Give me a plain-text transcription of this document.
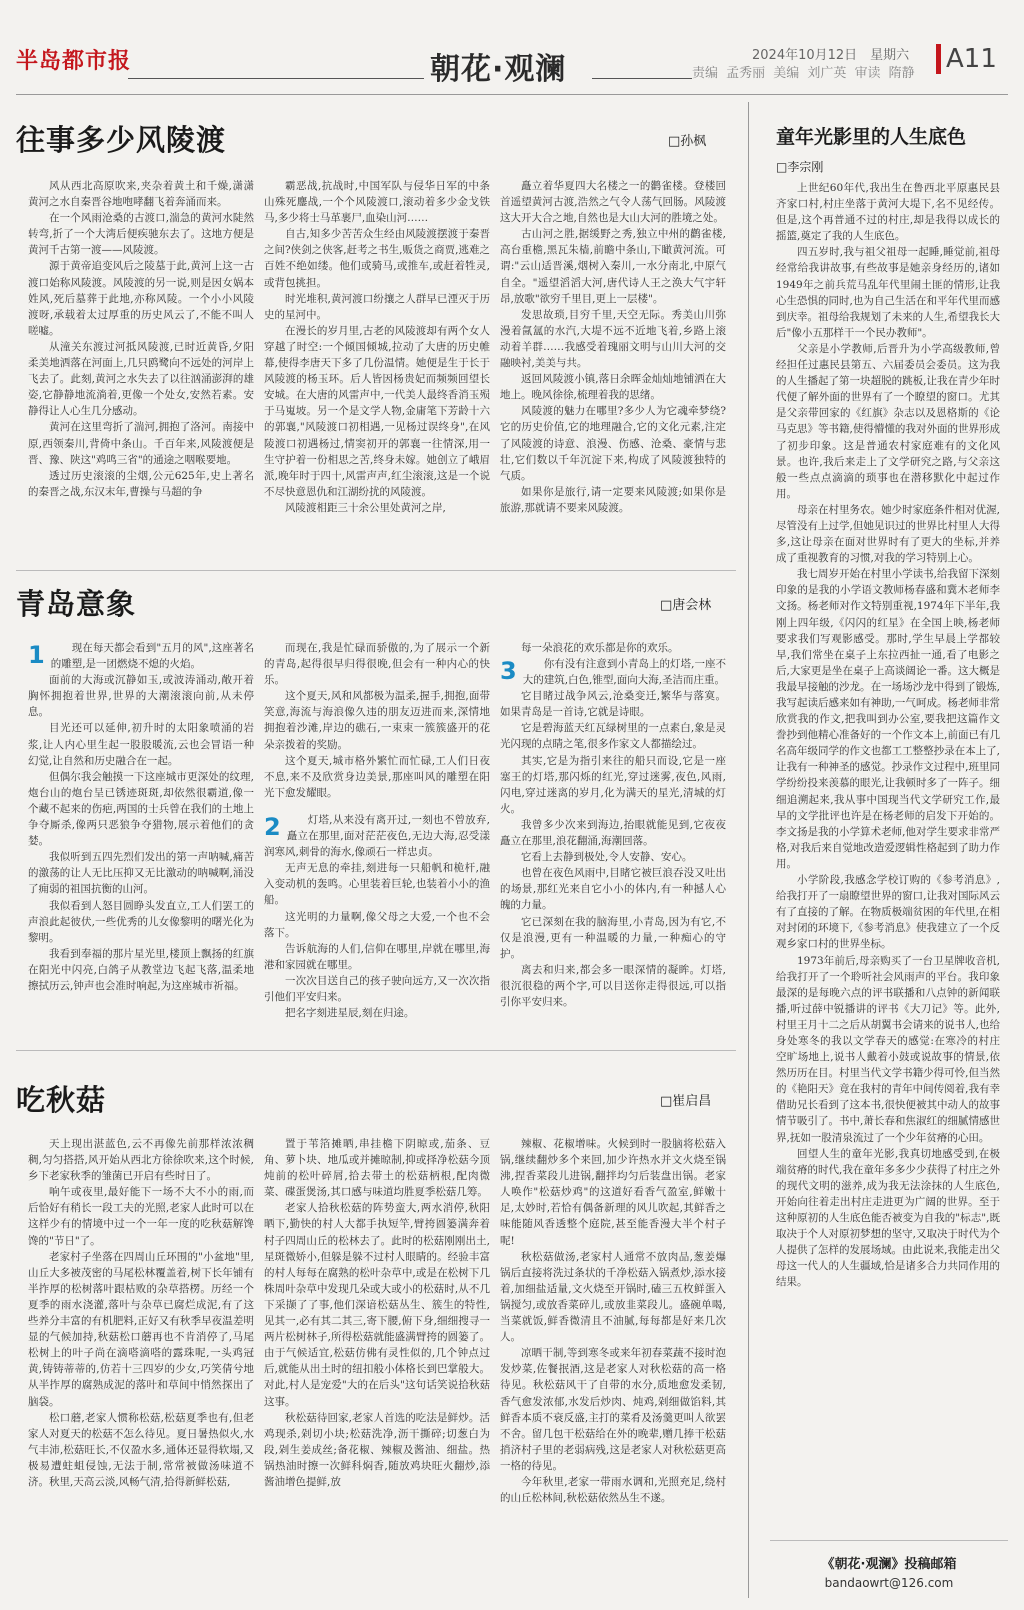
半岛都市报	朝花·观澜	2024年10月12日　星期六
责编 孟秀丽 美编 刘广英 审读 隋静 A11
往事多少风陵渡	□孙枫

风从西北高原吹来,夹杂着黄土和千燥,潇潇黄河之水自秦晋谷地咆哮翻飞着奔涌而来。

在一个风雨沧桑的古渡口,湍急的黄河水陡然转弯,折了一个大湾后便疾驰东去了。这地方便是黄河千古第一渡——风陵渡。

源于黄帝追变风后之陵墓于此,黄河上这一古渡口始称风陵渡。风陵渡的另一说,则是因女娲本姓风,死后墓葬于此地,亦称风陵。一个小小风陵渡呀,承载着太过厚重的历史风云了,不能不叫人嗟嘘。

从潼关东渡过河抵风陵渡,已时近黄昏,夕阳柔美地洒落在河面上,几只鸥鹭向不远处的河岸上飞去了。此刻,黄河之水失去了以往汹涌澎湃的雄姿,它静静地流淌着,更像一个处女,安然若素。安静得让人心生几分感动。

黄河在这里弯折了湍河,拥抱了洛河。南接中原,西领秦川,背倚中条山。千百年来,风陵渡便是晋、豫、陕这"鸡鸣三省"的通途之咽喉要地。

透过历史滚滚的尘烟,公元625年,史上著名的秦晋之战,东汉末年,曹操与马超的争

霸恶战,抗战时,中国军队与侵华日军的中条山殊死鏖战,一个个风陵渡口,滚动着多少金戈铁马,多少将士马革裹尸,血染山河……

自古,知多少苦苦众生经由风陵渡摆渡于秦晋之间?侠剑之侠客,赶考之书生,贩货之商贾,逃难之百姓不绝如缕。他们或骑马,或推车,或赶着牲灵,或背包挑担。

时光堆积,黄河渡口纷攘之人群早已湮灭于历史的星河中。

在漫长的岁月里,古老的风陵渡却有两个女人穿越了时空:一个倾国倾城,拉动了大唐的历史帷幕,使得李唐天下多了几份温情。她便是生于长于风陵渡的杨玉环。后人皆因杨贵妃而频频回望长安城。在大唐的风雷声中,一代美人最终香消玉殒于马嵬坡。另一个是文学人物,金庸笔下芳龄十六的郭襄,"风陵渡口初相遇,一见杨过误终身",在风陵渡口初遇杨过,情窦初开的郭襄一往情深,用一生守护着一份相思之苦,终身未嫁。她创立了峨眉派,晚年时于四十,风雷声声,红尘滚滚,这是一个说不尽快意恩仇和江湖纷扰的风陵渡。

风陵渡相距三十余公里处黄河之岸,

矗立着华夏四大名楼之一的鹳雀楼。登楼回首遥望黄河古渡,浩然之气令人荡气回肠。风陵渡这大开大合之地,自然也是大山大河的胜境之处。

古山河之胜,据缓野之秀,独立中州的鹳雀楼,高台重檐,黑瓦朱樯,前瞻中条山,下瞰黄河流。可谓:"云山适晋溪,烟树入秦川,一水分南北,中原气自全。"遥望滔滔大河,唐代诗人王之涣大气宇轩昂,放歌"欲穷千里目,更上一层楼"。

发思故琐,目穷千里,天空无际。秀美山川弥漫着氤氲的水汽,大堤不远不近地飞着,乡路上滚动着羊群……我感受着瑰丽文明与山川大河的交融映衬,美美与共。

返回风陵渡小镇,落日余晖金灿灿地铺洒在大地上。晚风徐徐,梳理着我的思绪。

风陵渡的魅力在哪里?多少人为它魂牵梦绕?它的历史价值,它的地理融合,它的文化元素,注定了风陵渡的诗意、浪漫、伤感、沧桑、豪情与悲壮,它们数以千年沉淀下来,构成了风陵渡独特的气质。

如果你是旅行,请一定要来风陵渡;如果你是旅游,那就请不要来风陵渡。

青岛意象	□唐会林
1	现在每天都会看到"五月的风",这座著名的雕塑,是一团燃烧不熄的火焰。

面前的大海或沉静如玉,或波涛涌动,敞开着胸怀拥抱着世界,世界的大潮滚滚向前,从未停息。

目光还可以延伸,初升时的太阳象喷涌的岩浆,让人内心里生起一股股暖流,云也会冒语一种幻觉,让自然和历史融合在一起。

但偶尔我会触摸一下这座城市更深处的纹理,炮台山的炮台呈已锈迹斑斑,却依然很霸道,像一个藏不起来的伤疤,两国的士兵曾在我们的土地上争夺厮杀,像两只恶狼争夺猎物,展示着他们的贪婪。

我似听到五四先烈们发出的第一声呐喊,痛苦的激荡的让人无比压抑又无比激动的呐喊啊,涌没了痈弱的祖国抗衡的山河。

我似看到人怒目圆睁头发直立,工人们罢工的声浪此起彼伏,一些优秀的儿女像黎明的曙光化为黎明。

我看到奉福的那片星光里,楼顶上飘扬的红旗在阳光中闪亮,白鸽子从教堂边飞起飞落,温柔地擦拭历云,钟声也会准时响起,为这座城市祈福。

而现在,我是忙碌而骄傲的,为了展示一个新的青岛,起得很早归得很晚,但会有一种内心的快乐。

这个夏天,风和风都极为温柔,握手,拥抱,面带笑意,海流与海浪像久违的朋友迈进而来,深情地拥抱着沙滩,岸边的礁石,一束束一簇簇盛开的花朵亲拨着的奖励。

这个夏天,城市格外繁忙而忙碌,工人们日夜不息,来不及欣赏身边美景,那座叫风的雕塑在阳光下愈发耀眼。

2	灯塔,从来没有离开过,一刻也不曾放弃,矗立在那里,面对茫茫夜色,无边大海,忍受漾润寒风,刺骨的海水,像顽石一样忠贞。

无声无息的牵挂,刻进每一只船帆和桅杆,融入变动机的轰鸣。心里装着巨轮,也装着小小的渔船。

这光明的力量啊,像父母之大爱,一个也不会落下。

告诉航海的人们,信仰在哪里,岸就在哪里,海港和家园就在哪里。

一次次目送自己的孩子驶向远方,又一次次指引他们平安归来。

把名字刻进星辰,刻在归途。

每一朵浪花的欢乐都是你的欢乐。

3	你有没有注意到小青岛上的灯塔,一座不大的建筑,白色,锥型,面向大海,圣洁而庄重。

它目睹过战争风云,沧桑变迁,繁华与落寞。如果青岛是一首诗,它就是诗眼。

它是碧海蓝天红瓦绿树里的一点素白,象是灵光闪现的点睛之笔,很多作家文人都描绘过。

其实,它是为指引来往的船只而设,它是一座塞王的灯塔,那闪烁的红光,穿过迷雾,夜色,风雨,闪电,穿过迷离的岁月,化为满天的星光,清城的灯火。

我曾多少次来到海边,抬眼就能见到,它夜夜矗立在那里,浪花翻涌,海潮回落。

它看上去静到极处,令人安静、安心。

也曾在夜色风雨中,目睹它被巨浪吞没又吐出的场景,那红光来自它小小的体内,有一种撼人心魄的力量。

它已深刻在我的脑海里,小青岛,因为有它,不仅是浪漫,更有一种温暖的力量,一种痴心的守护。

离去和归来,都会多一眼深情的凝眸。灯塔,很沉很稳的两个字,可以目送你走得很远,可以指引你平安归来。

吃秋菇	□崔启昌

天上现出湛蓝色,云不再像先前那样浓浓稠稠,匀匀搭搭,风开始从西北方徐徐吹来,这个时候,乡下老家秋季的雏菌已开启有些时日了。

响午或夜里,最好能下一场不大不小的雨,而后恰好有稍长一段工夫的光照,老家人此时可以在这样少有的情境中过一个一年一度的吃秋菇解馋馋的"节日"了。

老家村子坐落在四周山丘环围的"小盆地"里,山丘大多被茂密的马尾松林覆盖着,树下长年铺有半拃厚的松树落叶跟枯败的杂草搭楞。历经一个夏季的雨水浇灌,落叶与杂草已腐烂成泥,有了这些养分丰富的有机肥料,正好又有秋季早夜温差明显的气候加持,秋菇松口蘑再也不肯消停了,马尾松树上的叶子尚在滴嗒滴嗒的露珠呢,一头鸡冠黄,铸铸蒂蒂的,仿若十三四岁的少女,巧笑倩兮地从半拃厚的腐熟成泥的落叶和草间中悄然探出了脑袋。

松口蘑,老家人惯称松菇,松菇夏季也有,但老家人对夏天的松菇不怎么待见。夏日暑热似火,水气丰沛,松菇旺长,不仅盈水多,通体还显得软塌,又极易遭蛀蛆侵蚀,无法于制,常常被做汤味道不济。秋里,天高云淡,风畅气清,拾得新鲜松菇,

置于苇箔摊晒,串挂檐下阴晾或,茄条、豆角、萝卜块、地瓜或并摊晾制,抑或择净松菇今顶炖前的松叶碎屑,拾去带土的松菇柄根,配肉微菜、碟蛋煲汤,其口感与味道均胜夏季松菇几筹。

老家人拾秋松菇的阵势蛮大,两水消停,秋阳晒下,勤快的村人大都手执短竿,臂挎圆篓满奔着村子四周山丘的松林去了。此时的松菇刚刚出土,星斑微娇小,但躲是躲不过村人眼睛的。经验丰富的村人每每在腐熟的松叶杂草中,或是在松树下几株周叶杂草中发现几朵或大或小的松菇时,从不几下采撷了了事,他们深谙松菇丛生、簇生的特性,见其一,必有其二其三,寄下腰,俯下身,细细搜寻一两片松树林子,所得松菇就能盛满臂挎的圆篓了。由于气候适宜,松菇仿佛有灵性似的,几个钟点过后,就能从出土时的纽扣般小体格长到巴掌般大。对此,村人是宠爱"大的在后头"这句话笑说拾秋菇这事。

秋松菇待回家,老家人首选的吃法是鲜炒。活鸡现杀,剁切小块;松菇洗净,沥干撕碎;切葱白为段,剁生姜成丝;备花椒、辣椒及酱油、细盐。热锅热油时擦一次鲜科焖香,随放鸡块旺火翻炒,添酱油增色提鲜,放

辣椒、花椒增味。火候到时一股脑将松菇入锅,继续翻炒多个来回,加少许热水并文火烧至锅沸,捏香菜段儿进锅,翻拌均匀后装盘出锅。老家人唤作"松菇炒鸡"的这道好看香气盈室,鲜嫩十足,太妙时,若恰有偶备新理的风儿吹起,其鲜香之味能随风香透整个庭院,甚至能香漫大半个村子呢!

秋松菇做汤,老家村人通常不放肉品,葱姜爆锅后直接将洗过条状的千净松菇入锅煮炒,添水接着,加细盐适量,文火烧至开锅时,磕三五枚鲜蛋入锅搅匀,或放香菜碎儿,或放韭菜段儿。盛碗单喝,当菜就饭,鲜香微清且不油腻,每每都是好来几次人。

凉晒干制,等到寒冬或来年初春菜蔬不接时泡发炒菜,佐餐抿酒,这是老家人对秋松菇的高一格待见。秋松菇风干了自带的水分,质地愈发柔韧,香气愈发浓郁,水发后炒肉、炖鸡,剁细做馅料,其鲜香本质不衰反盛,主打的菜肴及汤羹更叫人欲罢不舍。留几包干松菇给在外的晚辈,赠几捧干松菇捎济村子里的老弱病残,这是老家人对秋松菇更高一格的待见。

今年秋里,老家一带雨水调和,光照充足,绕村的山丘松林间,秋松菇依然丛生不遂。

童年光影里的人生底色
□李宗刚

上世纪60年代,我出生在鲁西北平原惠民县齐家口村,村庄坐落于黄河大堤下,名不见经传。但是,这个再普通不过的村庄,却是我得以成长的摇篮,奠定了我的人生底色。

四五岁时,我与祖父祖母一起睡,睡觉前,祖母经常给我讲故事,有些故事是她亲身经历的,诸如1949年之前兵荒马乱年代里闹土匪的情形,让我心生恐惧的同时,也为自己生活在和平年代里而感到庆幸。祖母给我规划了未来的人生,希望我长大后"像小五那样干一个民办教师"。

父亲是小学教师,后晋升为小学高级教师,曾经担任过惠民县第五、六届委员会委员。这为我的人生播起了第一块超脱的跳板,让我在青少年时代便了解外面的世界有了一个瞭望的窗口。尤其是父亲带回家的《红旗》杂志以及恩格斯的《论马克思》等书籍,使得懵懂的我对外面的世界形成了初步印象。这是普通农村家庭难有的文化风景。也许,我后来走上了文学研究之路,与父亲这般一些点点滴滴的琐事也在潜移默化中起过作用。

母亲在村里务农。她少时家庭条件相对优渥,尽管没有上过学,但她见识过的世界比村里人大得多,这让母亲在面对世界时有了更大的坐标,并养成了重视教育的习惯,对我的学习特别上心。

我七周岁开始在村里小学读书,给我留下深刻印象的是我的小学语文教师杨春盛和冀木老师李文扬。杨老师对作文特别重视,1974年下半年,我刚上四年级,《闪闪的红星》在全国上映,杨老师要求我们写观影感受。那时,学生早晨上学都较早,我们常坐在桌子上东拉西扯一通,看了电影之后,大家更是坐在桌子上高谈阔论一番。这大概是我最早接触的沙龙。在一场场沙龙中得到了锻炼,我写起读后感来如有神助,一气呵成。杨老师非常欣赏我的作文,把我叫到办公室,要我把这篇作文誊抄到他精心准备好的一个作文本上,前面已有几名高年级同学的作文也都工工整整抄录在本上了,让我有一种神圣的感觉。抄录作文过程中,班里同学纷纷投来羡慕的眼光,让我顿时多了一阵子。细细追溯起来,我从事中国现当代文学研究工作,最早的文学批评也许是在杨老师的启发下开始的。李文扬是我的小学算术老师,他对学生要求非常严格,对我后来自觉地改造爱逻辑性格起到了助力作用。

小学阶段,我感念学校订购的《参考消息》,给我打开了一扇瞭望世界的窗口,让我对国际风云有了直接的了解。在物质极端贫困的年代里,在相对封闭的环境下,《参考消息》使我建立了一个反观乡家口村的世界坐标。

1973年前后,母亲购买了一台卫星牌收音机,给我打开了一个聆听社会风雨声的平台。我印象最深的是每晚六点的评书联播和八点钟的新闻联播,听过薛中锐播讲的评书《大刀记》等。此外,村里王月十二之后从胡翼书会请来的说书人,也给身处寒冬的我以文学春天的感觉:在寒冷的村庄空旷场地上,说书人戴着小鼓或说故事的情景,依然历历在目。村里当代文学书籍少得可怜,但当然的《艳阳天》竟在我村的青年中间传阅着,我有幸借助兄长看到了这本书,很快便被其中动人的故事情节吸引了。书中,萧长春和焦淑红的细腻情感世界,抚如一股清泉流过了一个少年贫瘠的心田。

回望人生的童年光影,我真切地感受到,在极端贫瘠的时代,我在童年多多少少获得了村庄之外的现代文明的滋养,成为我无法涂抹的人生底色,开始向往着走出村庄走进更为广阔的世界。至于这种原初的人生底色能否被变为自我的"标志",既取决于个人对原初梦想的坚守,又取决于时代为个人提供了怎样的发展场域。由此说来,我能走出父母这一代人的人生疆域,恰是诸多合力共同作用的结果。

《朝花·观澜》投稿邮箱
bandaowrt@126.com
